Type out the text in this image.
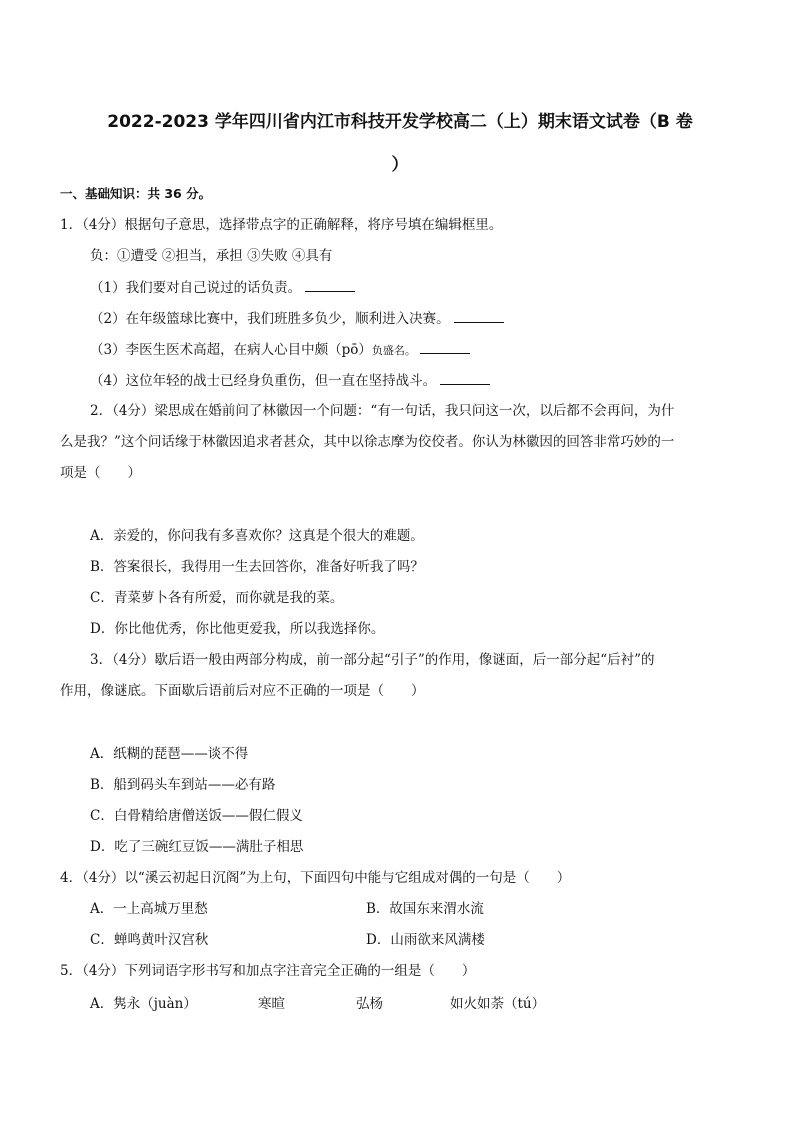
2022-2023 学年四川省内江市科技开发学校高二（上）期末语文试卷（B 卷
）
一、基础知识：共 36 分。
1．（4分）根据句子意思，选择带点字的正确解释，将序号填在编辑框里。
负：①遭受 ②担当，承担 ③失败 ④具有
（1）我们要对自己说过的话负责。
（2）在年级篮球比赛中，我们班胜多负少，顺利进入决赛。
（3）李医生医术高超，在病人心目中颇（pō）负盛名。
（4）这位年轻的战士已经身负重伤，但一直在坚持战斗。
2．（4分）梁思成在婚前问了林徽因一个问题：“有一句话，我只问这一次，以后都不会再问，为什
么是我？”这个问话缘于林徽因追求者甚众，其中以徐志摩为佼佼者。你认为林徽因的回答非常巧妙的一
项是（　　）
A．亲爱的，你问我有多喜欢你？这真是个很大的难题。
B．答案很长，我得用一生去回答你，准备好听我了吗？
C．青菜萝卜各有所爱，而你就是我的菜。
D．你比他优秀，你比他更爱我，所以我选择你。
3．（4分）歇后语一般由两部分构成，前一部分起“引子”的作用，像谜面，后一部分起“后衬”的
作用，像谜底。下面歇后语前后对应不正确的一项是（　　）
A．纸糊的琵琶——谈不得
B．船到码头车到站——必有路
C．白骨精给唐僧送饭——假仁假义
D．吃了三碗红豆饭——满肚子相思
4．（4分）以“溪云初起日沉阁”为上句，下面四句中能与它组成对偶的一句是（　　）
A．一上高城万里愁	B．故国东来渭水流
C．蝉鸣黄叶汉宫秋	D．山雨欲来风满楼
5．（4分）下列词语字形书写和加点字注音完全正确的一组是（　　）
A．隽永（juàn）	寒暄	弘杨	如火如荼（tú）
